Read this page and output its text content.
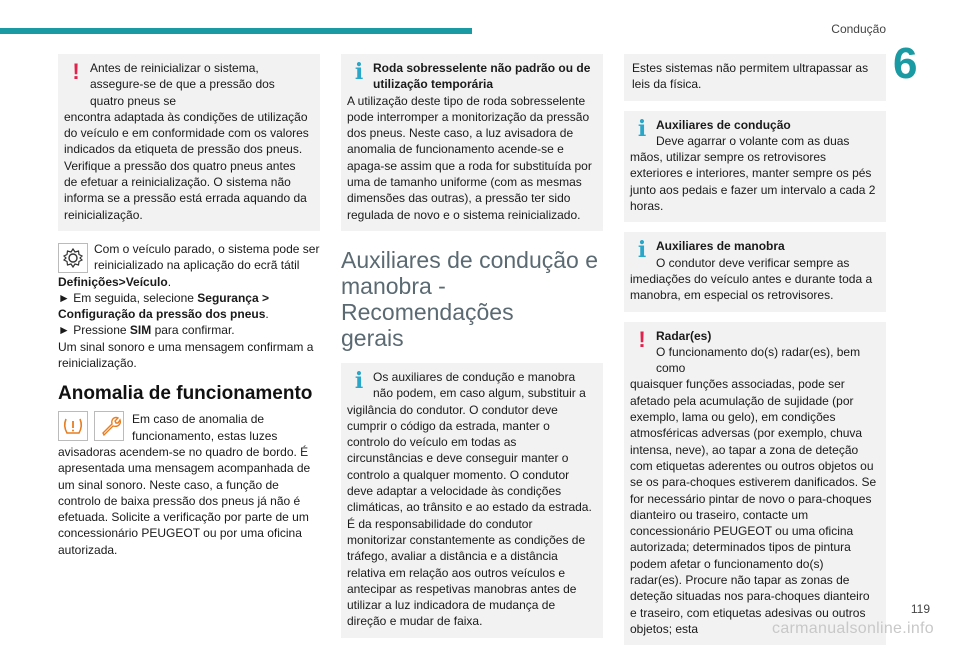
Condução
6
! Antes de reinicializar o sistema, assegure-se de que a pressão dos quatro pneus se
encontra adaptada às condições de utilização do veículo e em conformidade com os valores indicados da etiqueta de pressão dos pneus. Verifique a pressão dos quatro pneus antes de efetuar a reinicialização. O sistema não informa se a pressão está errada aquando da reinicialização.
Com o veículo parado, o sistema pode ser reinicializado na aplicação do ecrã tátil
Definições>Veículo.
► Em seguida, selecione Segurança > Configuração da pressão dos pneus.
► Pressione SIM para confirmar.
Um sinal sonoro e uma mensagem confirmam a reinicialização.
Anomalia de funcionamento
Em caso de anomalia de funcionamento, estas luzes
avisadoras acendem-se no quadro de bordo. É apresentada uma mensagem acompanhada de um sinal sonoro. Neste caso, a função de controlo de baixa pressão dos pneus já não é efetuada. Solicite a verificação por parte de um concessionário PEUGEOT ou por uma oficina autorizada.
i Roda sobresselente não padrão ou de utilização temporária
A utilização deste tipo de roda sobresselente pode interromper a monitorização da pressão dos pneus. Neste caso, a luz avisadora de anomalia de funcionamento acende-se e apaga-se assim que a roda for substituída por uma de tamanho uniforme (com as mesmas dimensões das outras), a pressão ter sido regulada de novo e o sistema reinicializado.
Auxiliares de condução e
manobra - Recomendações
gerais
i Os auxiliares de condução e manobra não podem, em caso algum, substituir a
vigilância do condutor. O condutor deve cumprir o código da estrada, manter o controlo do veículo em todas as circunstâncias e deve conseguir manter o controlo a qualquer momento. O condutor deve adaptar a velocidade às condições climáticas, ao trânsito e ao estado da estrada. É da responsabilidade do condutor monitorizar constantemente as condições de tráfego, avaliar a distância e a distância relativa em relação aos outros veículos e antecipar as respetivas manobras antes de utilizar a luz indicadora de mudança de direção e mudar de faixa.
Estes sistemas não permitem ultrapassar as leis da física.
i Auxiliares de condução
Deve agarrar o volante com as duas
mãos, utilizar sempre os retrovisores exteriores e interiores, manter sempre os pés junto aos pedais e fazer um intervalo a cada 2 horas.
i Auxiliares de manobra
O condutor deve verificar sempre as
imediações do veículo antes e durante toda a manobra, em especial os retrovisores.
! Radar(es)
O funcionamento do(s) radar(es), bem como
quaisquer funções associadas, pode ser afetado pela acumulação de sujidade (por exemplo, lama ou gelo), em condições atmosféricas adversas (por exemplo, chuva intensa, neve), ao tapar a zona de deteção com etiquetas aderentes ou outros objetos ou se os para-choques estiverem danificados. Se for necessário pintar de novo o para-choques dianteiro ou traseiro, contacte um concessionário PEUGEOT ou uma oficina autorizada; determinados tipos de pintura podem afetar o funcionamento do(s) radar(es). Procure não tapar as zonas de deteção situadas nos para-choques dianteiro e traseiro, com etiquetas adesivas ou outros objetos; esta	carmanualsonline.info
119
